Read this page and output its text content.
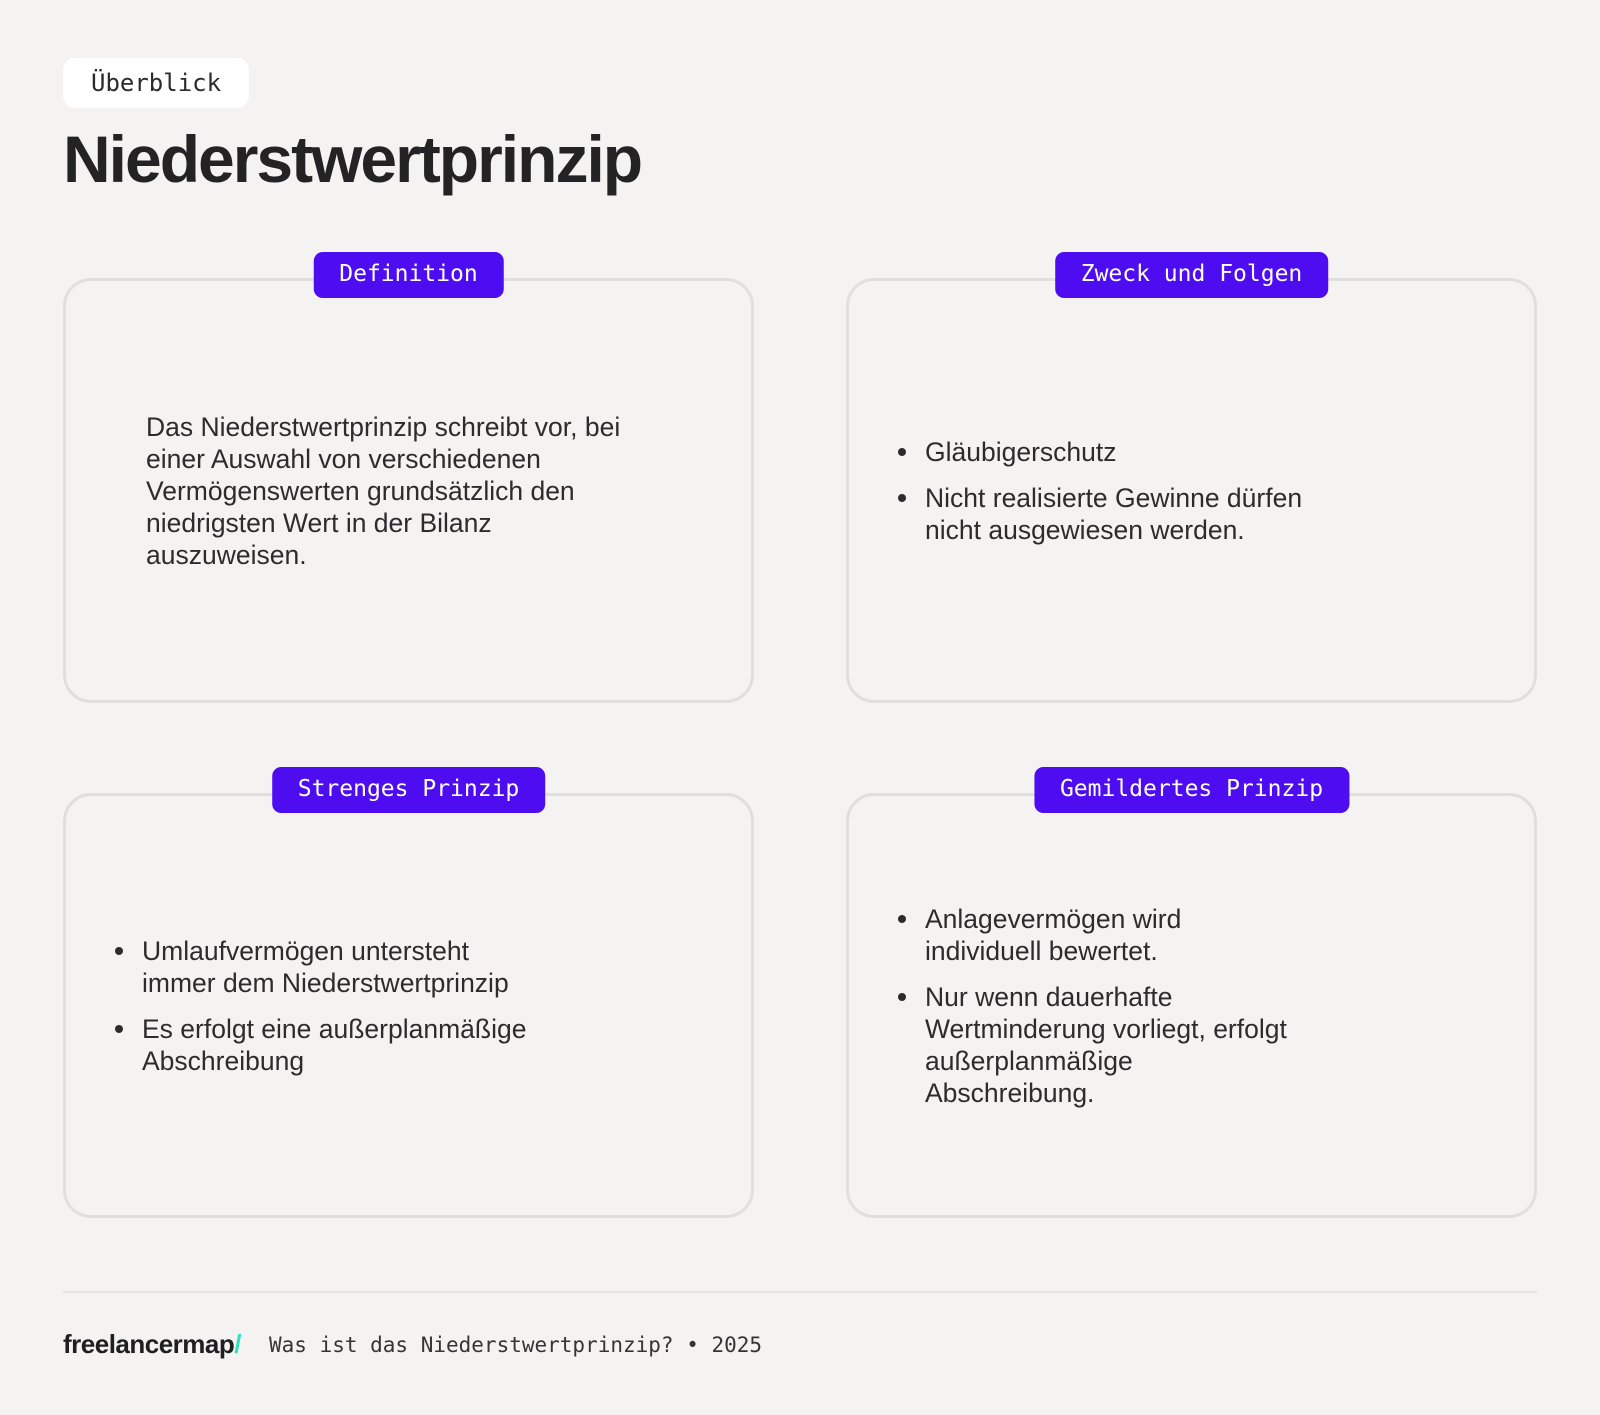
Überblick
Niederstwertprinzip
Definition

Das Niederstwertprinzip schreibt vor, bei einer Auswahl von verschiedenen Vermögenswerten grundsätzlich den niedrigsten Wert in der Bilanz auszuweisen.

Zweck und Folgen
Gläubigerschutz
Nicht realisierte Gewinne dürfen nicht ausgewiesen werden.
Strenges Prinzip
Umlaufvermögen untersteht immer dem Niederstwertprinzip
Es erfolgt eine außerplanmäßige Abschreibung
Gemildertes Prinzip
Anlagevermögen wird individuell bewertet.
Nur wenn dauerhafte Wertminderung vorliegt, erfolgt außerplanmäßige Abschreibung.
freelancermap/ Was ist das Niederstwertprinzip? • 2025
